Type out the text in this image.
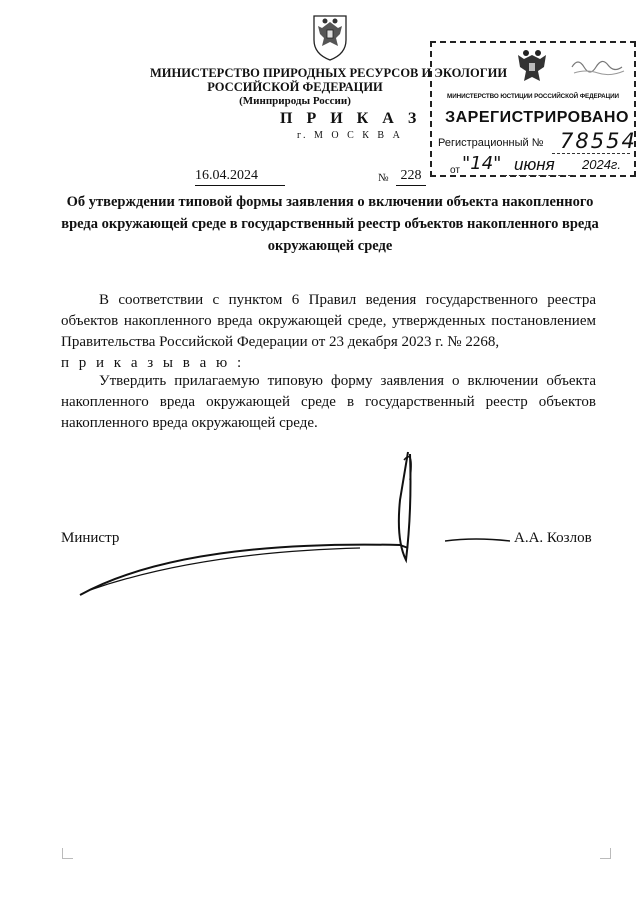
МИНИСТЕРСТВО ПРИРОДНЫХ РЕСУРСОВ И ЭКОЛОГИИ
РОССИЙСКОЙ ФЕДЕРАЦИИ
(Минприроды России)
П Р И К А З
г. М О С К В А
16.04.2024	№ 228
МИНИСТЕРСТВО ЮСТИЦИИ РОССИЙСКОЙ ФЕДЕРАЦИИ
ЗАРЕГИСТРИРОВАНО
Регистрационный № 78554
от "14" июня 2024г.
Об утверждении типовой формы заявления о включении объекта накопленного вреда окружающей среде в государственный реестр объектов накопленного вреда окружающей среде
В соответствии с пунктом 6 Правил ведения государственного реестра объектов накопленного вреда окружающей среде, утвержденных постановлением Правительства Российской Федерации от 23 декабря 2023 г. № 2268,
п р и к а з ы в а ю :
Утвердить прилагаемую типовую форму заявления о включении объекта накопленного вреда окружающей среде в государственный реестр объектов накопленного вреда окружающей среде.
Министр	А.А. Козлов
